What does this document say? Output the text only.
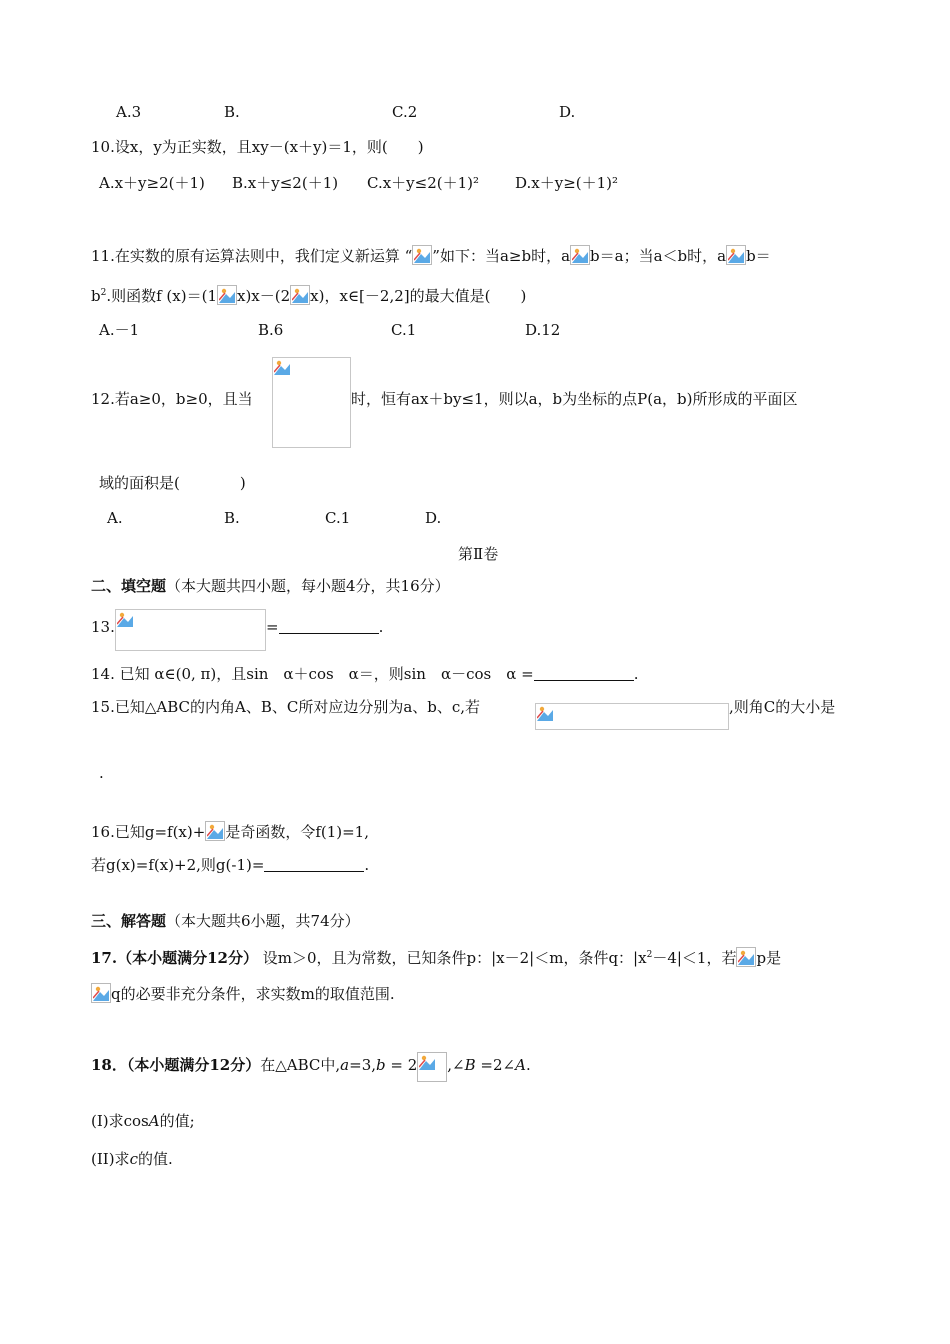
A.3	B.	C.2	D.
10.设x，y为正实数，且xy－(x＋y)＝1，则(　　)
A.x＋y≥2(＋1) B.x＋y≤2(＋1) C.x＋y≤2(＋1)² D.x＋y≥(＋1)²
11.在实数的原有运算法则中，我们定义新运算 “ ”如下：当a≥b时，a b＝a；当a＜b时，a b＝
$b^2$.则函数f (x)＝(1 x)x－(2 x)，x∈[－2,2]的最大值是(　　)
A.－1	B.6	C.1	D.12
12.若a≥0，b≥0，且当	时，恒有ax＋by≤1，则以a，b为坐标的点P(a，b)所形成的平面区
域的面积是(　　　　)
A.	B.	C.1	D.
第Ⅱ卷
二、填空题（本大题共四小题，每小题4分，共16分）
13.	=	.
14. 已知 α∈(0, π)，且sin　α＋cos　α＝，则sin　α－cos　α =	.
15.已知△ABC的内角A、B、C所对应边分别为a、b、c,若	,则角C的大小是
.
16.已知g=f(x)+ 是奇函数，令f(1)=1,
若g(x)=f(x)+2,则g(-1)=	.
三、解答题（本大题共6小题，共74分）
17.（本小题满分12分） 设m＞0，且为常数，已知条件p：|x－2|＜m，条件q：$|x^2-4|<1$，若 p是
q的必要非充分条件，求实数m的取值范围.
18．（本小题满分12分）在△ABC中,a=3,b = 2 ,∠B =2∠A.
(I)求cosA的值;
(II)求c的值.
